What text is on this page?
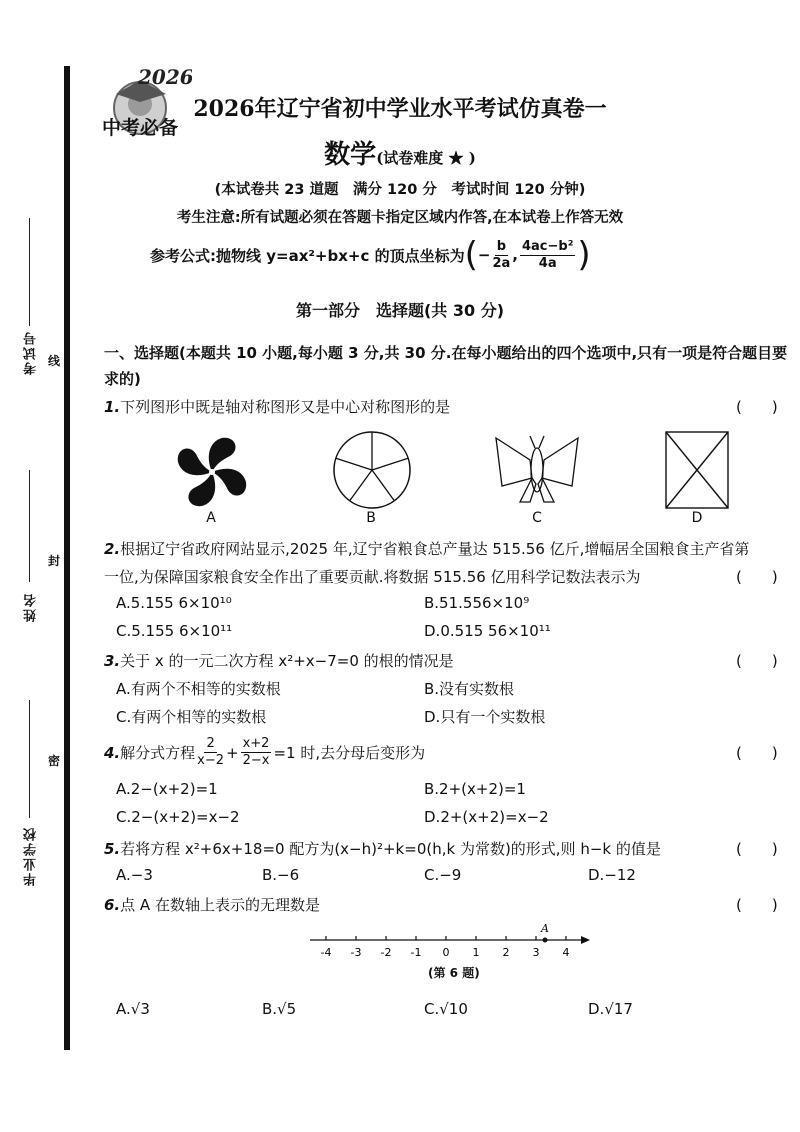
考试号 线
姓名
封
毕业学校
密
2026
中考必备
2026年辽宁省初中学业水平考试仿真卷一
数学(试卷难度 ★ )
(本试卷共 23 道题　满分 120 分　考试时间 120 分钟)
考生注意:所有试题必须在答题卡指定区域内作答,在本试卷上作答无效
参考公式:抛物线 y=ax²+bx+c 的顶点坐标为 ( − $\frac{b}{2a}$ , $\frac{\text{4ac−b²}}{4a}$ )
第一部分　选择题(共 30 分)
一、选择题(本题共 10 小题,每小题 3 分,共 30 分.在每小题给出的四个选项中,只有一项是符合题目要求的)
1.下列图形中既是轴对称图形又是中心对称图形的是	(　　)
A	B	C	D
2.根据辽宁省政府网站显示,2025 年,辽宁省粮食总产量达 515.56 亿斤,增幅居全国粮食主产省第
一位,为保障国家粮食安全作出了重要贡献.将数据 515.56 亿用科学记数法表示为	(　　)
A.5.155 6×10¹⁰	B.51.556×10⁹
C.5.155 6×10¹¹	D.0.515 56×10¹¹
3.关于 x 的一元二次方程 x²+x−7=0 的根的情况是	(　　)
A.有两个不相等的实数根	B.没有实数根
C.有两个相等的实数根	D.只有一个实数根
4. 解分式方程 $\frac{2}{x-2} + \frac{x+2}{2-x} =1$ 时,去分母后变形为	(　　)
A.2−(x+2)=1	B.2+(x+2)=1
C.2−(x+2)=x−2	D.2+(x+2)=x−2
5.若将方程 x²+6x+18=0 配方为(x−h)²+k=0(h,k 为常数)的形式,则 h−k 的值是	(　　)
A.−3	B.−6	C.−9	D.−12
6.点 A 在数轴上表示的无理数是	(　　)
-4 -3 -2 -1 0 1 2 3 4
A
(第 6 题)
A.√3	B.√5	C.√10	D.√17
